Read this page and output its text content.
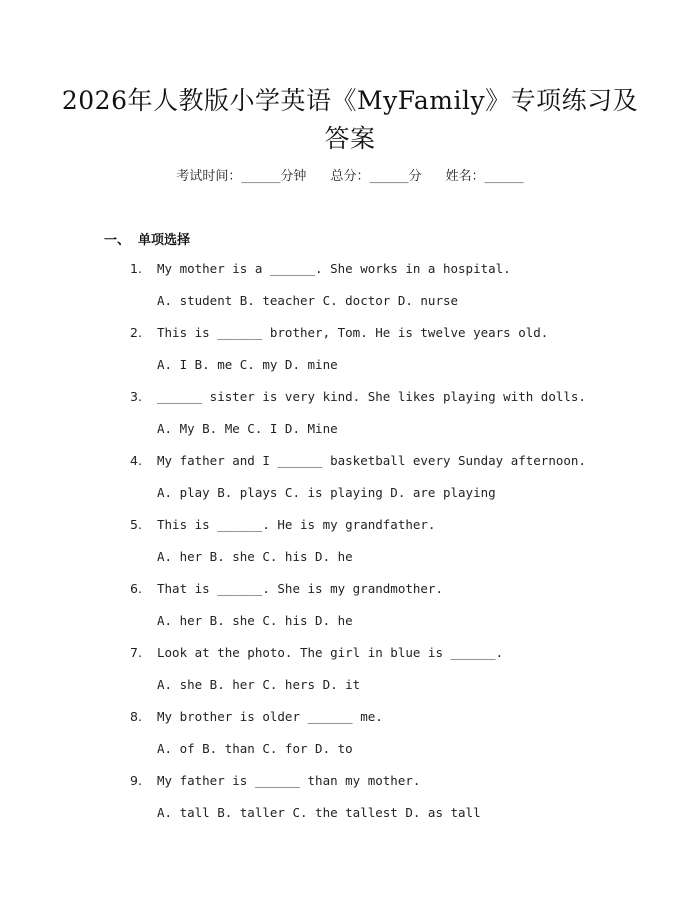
2026年人教版小学英语《MyFamily》专项练习及答案
考试时间：______分钟 总分：______分 姓名：______
一、 单项选择
1. My mother is a ______. She works in a hospital.
A. student B. teacher C. doctor D. nurse
2. This is ______ brother, Tom. He is twelve years old.
A. I B. me C. my D. mine
3. ______ sister is very kind. She likes playing with dolls.
A. My B. Me C. I D. Mine
4. My father and I ______ basketball every Sunday afternoon.
A. play B. plays C. is playing D. are playing
5. This is ______. He is my grandfather.
A. her B. she C. his D. he
6. That is ______. She is my grandmother.
A. her B. she C. his D. he
7. Look at the photo. The girl in blue is ______.
A. she B. her C. hers D. it
8. My brother is older ______ me.
A. of B. than C. for D. to
9. My father is ______ than my mother.
A. tall B. taller C. the tallest D. as tall
